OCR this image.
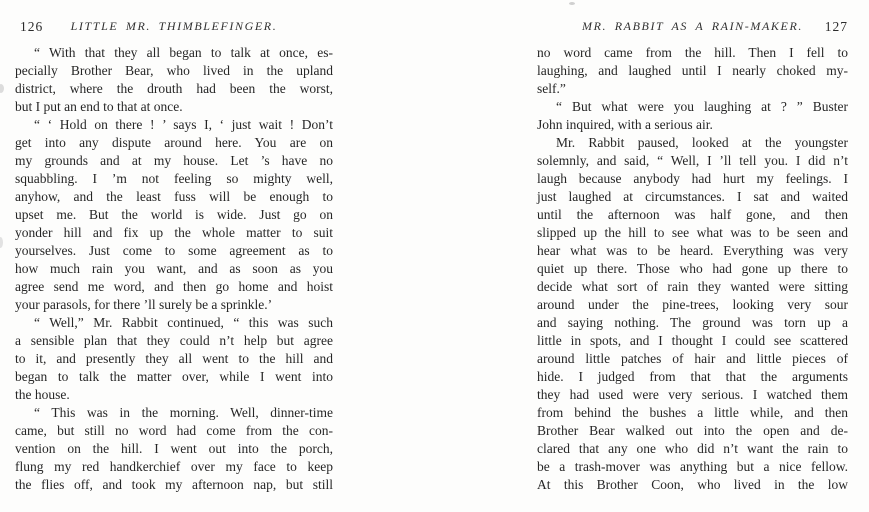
126	LITTLE MR. THIMBLEFINGER.
“ With that they all began to talk at once, es-
pecially Brother Bear, who lived in the upland
district, where the drouth had been the worst,
but I put an end to that at once.
“ ‘ Hold on there ! ’ says I, ‘ just wait ! Don’t
get into any dispute around here. You are on
my grounds and at my house. Let ’s have no
squabbling. I ’m not feeling so mighty well,
anyhow, and the least fuss will be enough to
upset me. But the world is wide. Just go on
yonder hill and fix up the whole matter to suit
yourselves. Just come to some agreement as to
how much rain you want, and as soon as you
agree send me word, and then go home and hoist
your parasols, for there ’ll surely be a sprinkle.’
“ Well,” Mr. Rabbit continued, “ this was such
a sensible plan that they could n’t help but agree
to it, and presently they all went to the hill and
began to talk the matter over, while I went into
the house.
“ This was in the morning. Well, dinner-time
came, but still no word had come from the con-
vention on the hill. I went out into the porch,
flung my red handkerchief over my face to keep
the flies off, and took my afternoon nap, but still
MR. RABBIT AS A RAIN-MAKER.	127
no word came from the hill. Then I fell to
laughing, and laughed until I nearly choked my-
self.”
“ But what were you laughing at ? ” Buster
John inquired, with a serious air.
Mr. Rabbit paused, looked at the youngster
solemnly, and said, “ Well, I ’ll tell you. I did n’t
laugh because anybody had hurt my feelings. I
just laughed at circumstances. I sat and waited
until the afternoon was half gone, and then
slipped up the hill to see what was to be seen and
hear what was to be heard. Everything was very
quiet up there. Those who had gone up there to
decide what sort of rain they wanted were sitting
around under the pine-trees, looking very sour
and saying nothing. The ground was torn up a
little in spots, and I thought I could see scattered
around little patches of hair and little pieces of
hide. I judged from that that the arguments
they had used were very serious. I watched them
from behind the bushes a little while, and then
Brother Bear walked out into the open and de-
clared that any one who did n’t want the rain to
be a trash-mover was anything but a nice fellow.
At this Brother Coon, who lived in the low
